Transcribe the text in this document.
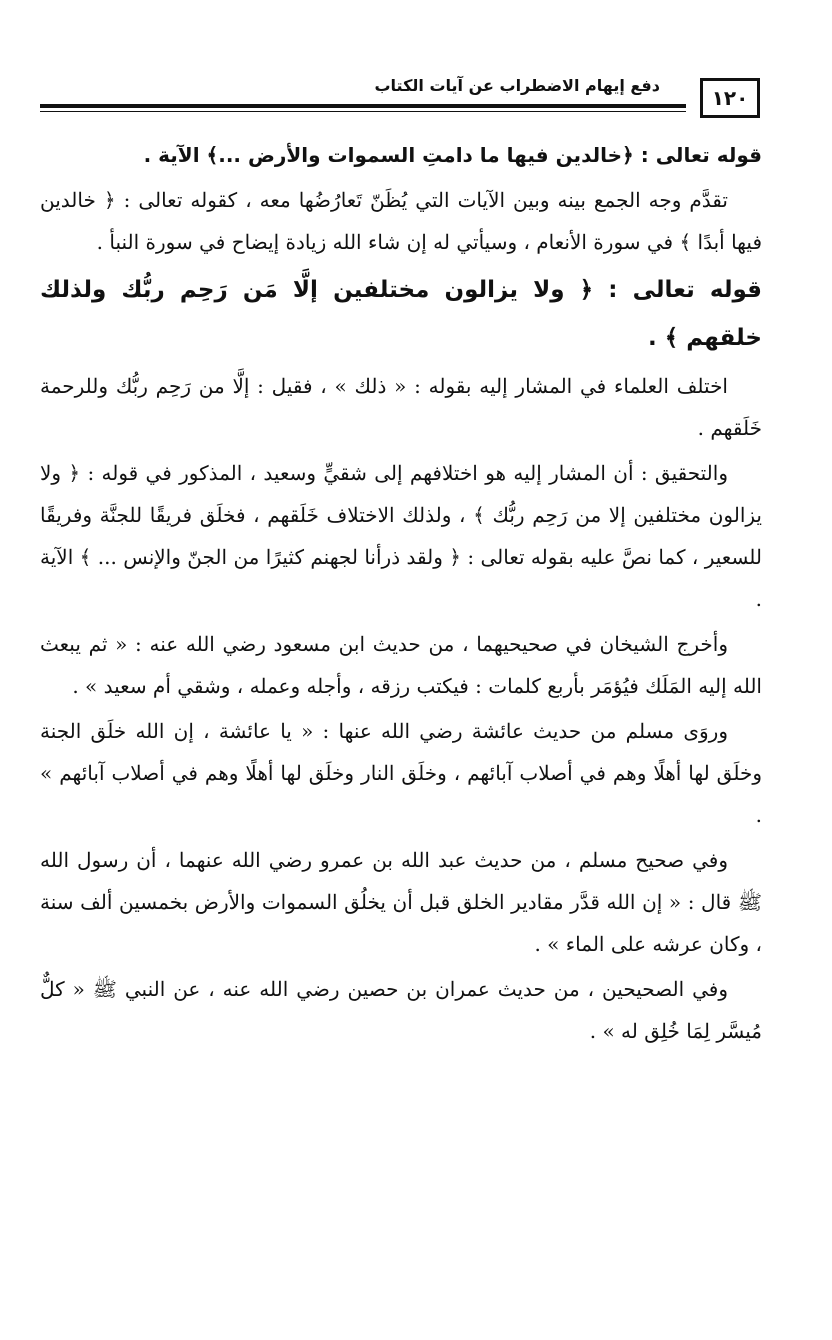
١٢٠
دفع إيهام الاضطراب عن آيات الكتاب

قوله تعالى : ﴿خالدين فيها ما دامتِ السموات والأرض ...﴾ الآية .

تقدَّم وجه الجمع بينه وبين الآيات التي يُظَنّ تَعارُضُها معه ، كقوله تعالى : ﴿ خالدين فيها أبدًا ﴾ في سورة الأنعام ، وسيأتي له إن شاء الله زيادة إيضاح في سورة النبأ .

قوله تعالى : ﴿ ولا يزالون مختلفين إلَّا مَن رَحِم ربُّك ولذلك خلقهم ﴾ .

اختلف العلماء في المشار إليه بقوله : « ذلك » ، فقيل : إلَّا من رَحِم ربُّك وللرحمة خَلَقهم .

والتحقيق : أن المشار إليه هو اختلافهم إلى شقيٍّ وسعيد ، المذكور في قوله : ﴿ ولا يزالون مختلفين إلا من رَحِم ربُّك ﴾ ، ولذلك الاختلاف خَلَقهم ، فخلَق فريقًا للجنَّة وفريقًا للسعير ، كما نصَّ عليه بقوله تعالى : ﴿ ولقد ذرأنا لجهنم كثيرًا من الجنّ والإنس ... ﴾ الآية .

وأخرج الشيخان في صحيحيهما ، من حديث ابن مسعود رضي الله عنه : « ثم يبعث الله إليه المَلَك فيُؤمَر بأربع كلمات : فيكتب رزقه ، وأجله وعمله ، وشقي أم سعيد » .

وروَى مسلم من حديث عائشة رضي الله عنها : « يا عائشة ، إن الله خلَق الجنة وخلَق لها أهلًا وهم في أصلاب آبائهم ، وخلَق النار وخلَق لها أهلًا وهم في أصلاب آبائهم » .

وفي صحيح مسلم ، من حديث عبد الله بن عمرو رضي الله عنهما ، أن رسول الله ﷺ قال : « إن الله قدَّر مقادير الخلق قبل أن يخلُق السموات والأرض بخمسين ألف سنة ، وكان عرشه على الماء » .

وفي الصحيحين ، من حديث عمران بن حصين رضي الله عنه ، عن النبي ﷺ « كلٌّ مُيسَّر لِمَا خُلِق له » .
